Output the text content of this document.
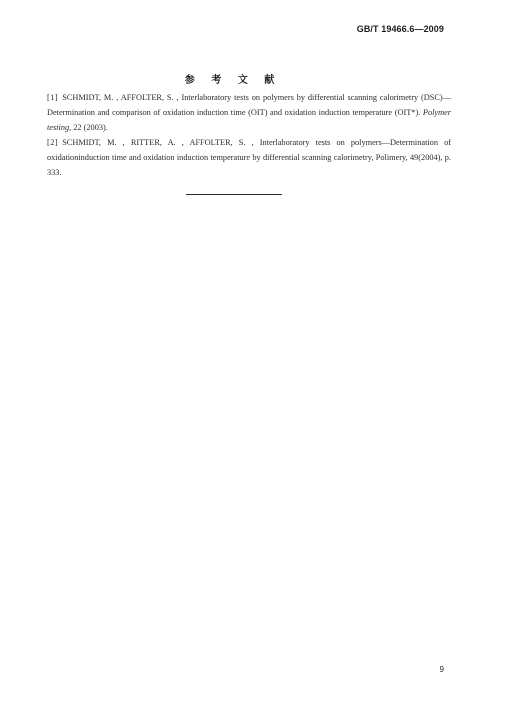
GB/T 19466.6—2009
参 考 文 献

[1] SCHMIDT, M. , AFFOLTER, S. , Interlaboratory tests on polymers by differential scanning calorimetry (DSC)—Determination and comparison of oxidation induction time (OIT) and oxidation induction temperature (OIT*). Polymer testing, 22 (2003).

[2] SCHMIDT, M. , RITTER, A. , AFFOLTER, S. , Interlaboratory tests on polymers—Determination of oxidationinduction time and oxidation induction temperature by differential scanning calorimetry, Polimery, 49(2004), p. 333.

9
